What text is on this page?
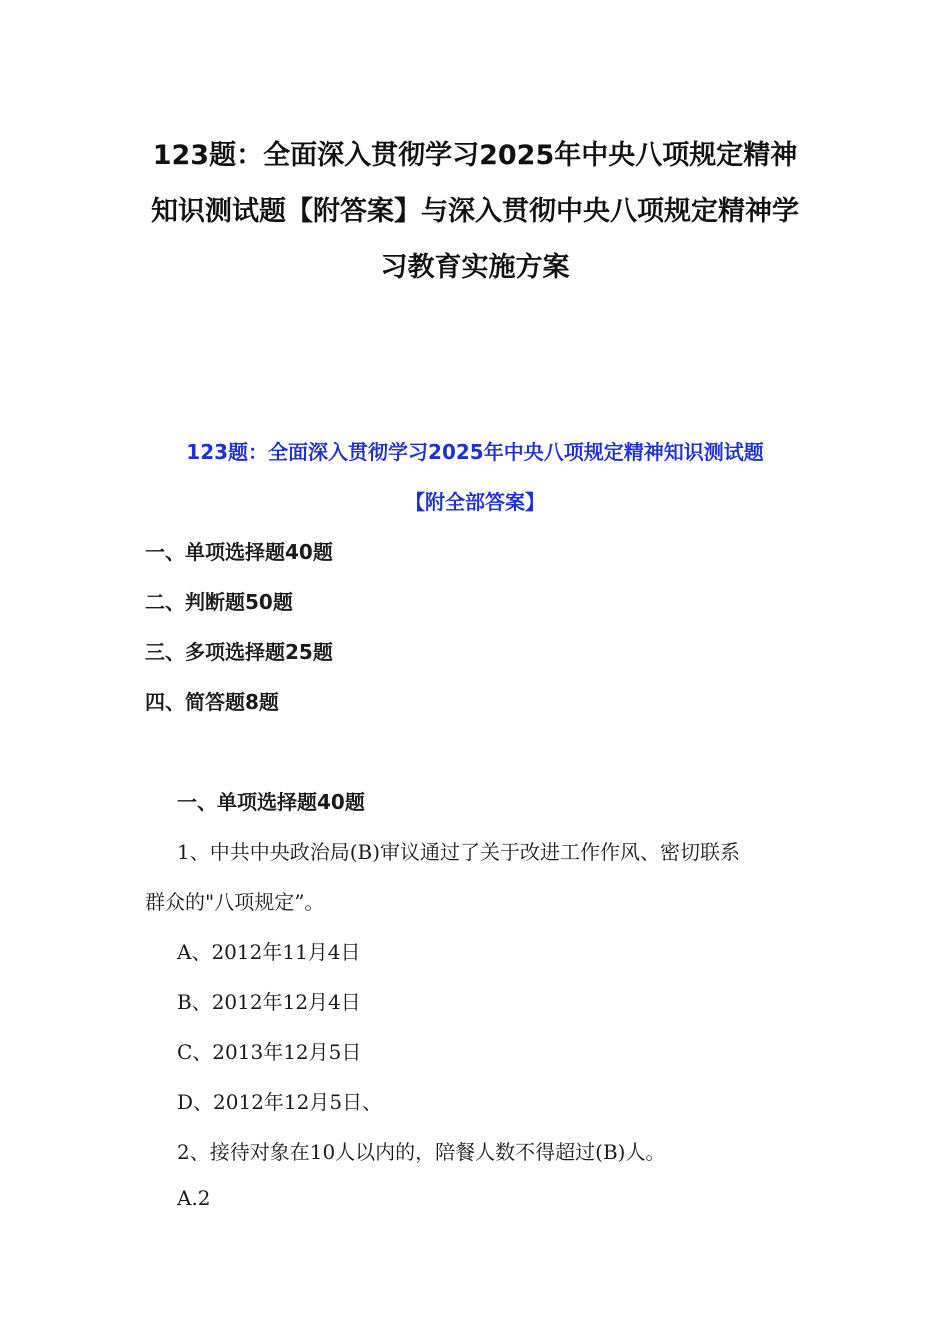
123题：全面深入贯彻学习2025年中央八项规定精神知识测试题【附答案】与深入贯彻中央八项规定精神学习教育实施方案

123题：全面深入贯彻学习2025年中央八项规定精神知识测试题

【附全部答案】

一、单项选择题40题

二、判断题50题

三、多项选择题25题

四、简答题8题

一、单项选择题40题

1、中共中央政治局(B)审议通过了关于改进工作作风、密切联系

群众的"八项规定”。

A、2012年11月4日

B、2012年12月4日

C、2013年12月5日

D、2012年12月5日、

2、接待对象在10人以内的，陪餐人数不得超过(B)人。

A.2
